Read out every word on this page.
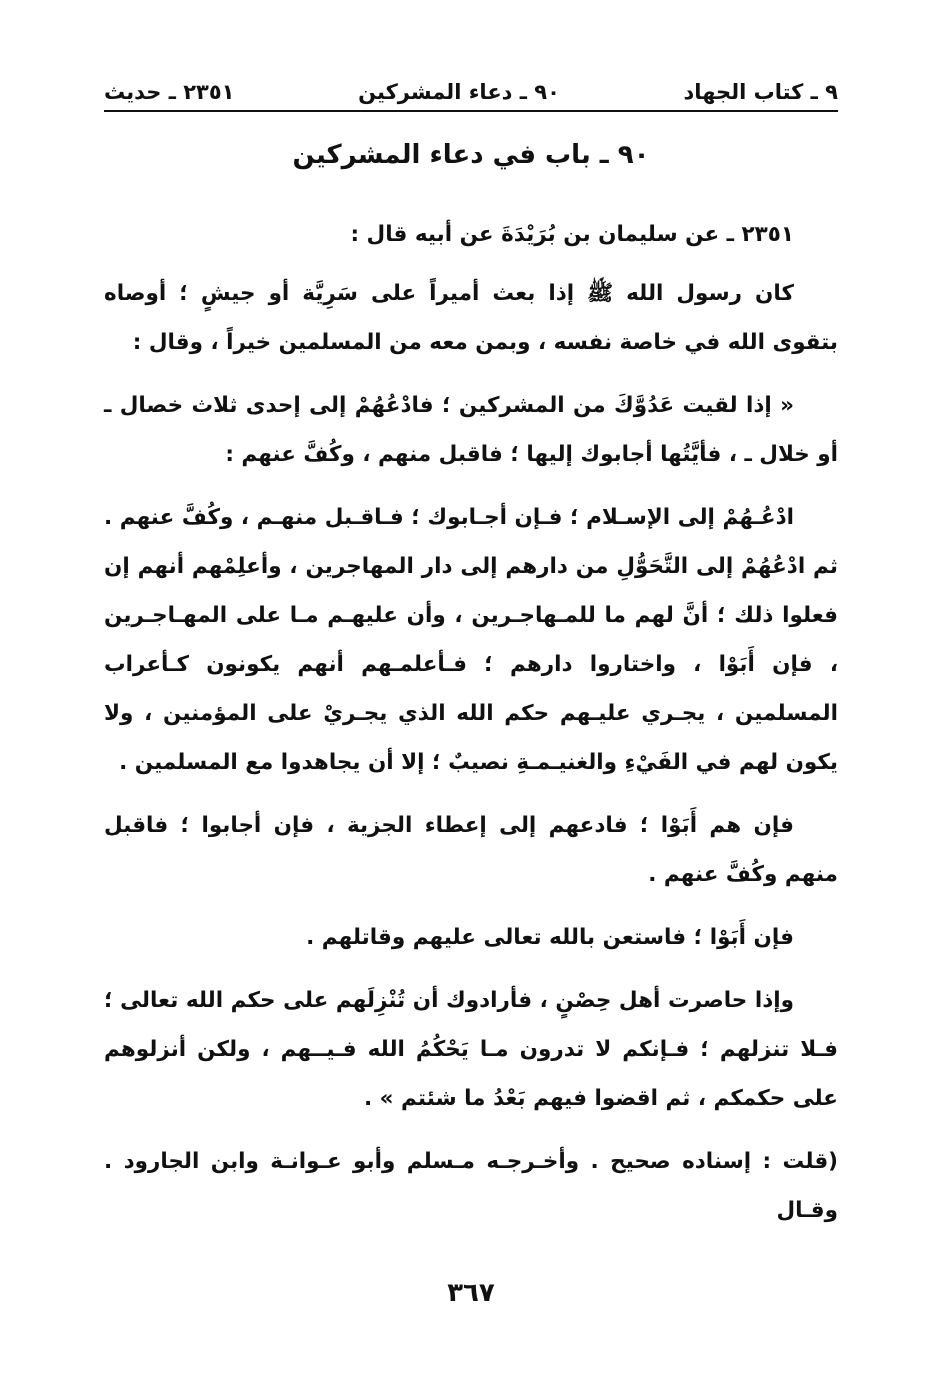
٩ ـ كتاب الجهاد
٩٠ ـ دعاء المشركين
٢٣٥١ ـ حديث
٩٠ ـ باب في دعاء المشركين

٢٣٥١ ـ عن سليمان بن بُرَيْدَةَ عن أبيه قال :

كان رسول الله ﷺ إذا بعث أميراً على سَرِيَّة أو جيشٍ ؛ أوصاه بتقوى الله في خاصة نفسه ، وبمن معه من المسلمين خيراً ، وقال :

« إذا لقيت عَدُوَّكَ من المشركين ؛ فادْعُهُمْ إلى إحدى ثلاث خصال ـ أو خلال ـ ، فأيَّتُها أجابوك إليها ؛ فاقبل منهم ، وكُفَّ عنهم :

ادْعُـهُمْ إلى الإسـلام ؛ فـإن أجـابوك ؛ فـاقـبل منهـم ، وكُفَّ عنهم . ثم ادْعُهُمْ إلى التَّحَوُّلِ من دارهم إلى دار المهاجرين ، وأعلِمْهم أنهم إن فعلوا ذلك ؛ أنَّ لهم ما للمـهاجـرين ، وأن عليهـم مـا على المهـاجـرين ، فإن أَبَوْا ، واختاروا دارهم ؛ فـأعلمـهم أنهم يكونون كـأعراب المسلمين ، يجـري عليـهم حكم الله الذي يجـريْ على المؤمنين ، ولا يكون لهم في الفَيْءِ والغنيـمـةِ نصيبٌ ؛ إلا أن يجاهدوا مع المسلمين .

فإن هم أَبَوْا ؛ فادعهم إلى إعطاء الجزية ، فإن أجابوا ؛ فاقبل منهم وكُفَّ عنهم .

فإن أَبَوْا ؛ فاستعن بالله تعالى عليهم وقاتلهم .

وإذا حاصرت أهل حِصْنٍ ، فأرادوك أن تُنْزِلَهم على حكم الله تعالى ؛ فـلا تنزلهم ؛ فـإنكم لا تدرون مـا يَحْكُمُ الله فـيــهم ، ولكن أنزلوهم على حكمكم ، ثم اقضوا فيهم بَعْدُ ما شئتم » .

(قلت : إسناده صحيح . وأخـرجـه مـسلم وأبو عـوانـة وابن الجارود . وقـال

٣٦٧
